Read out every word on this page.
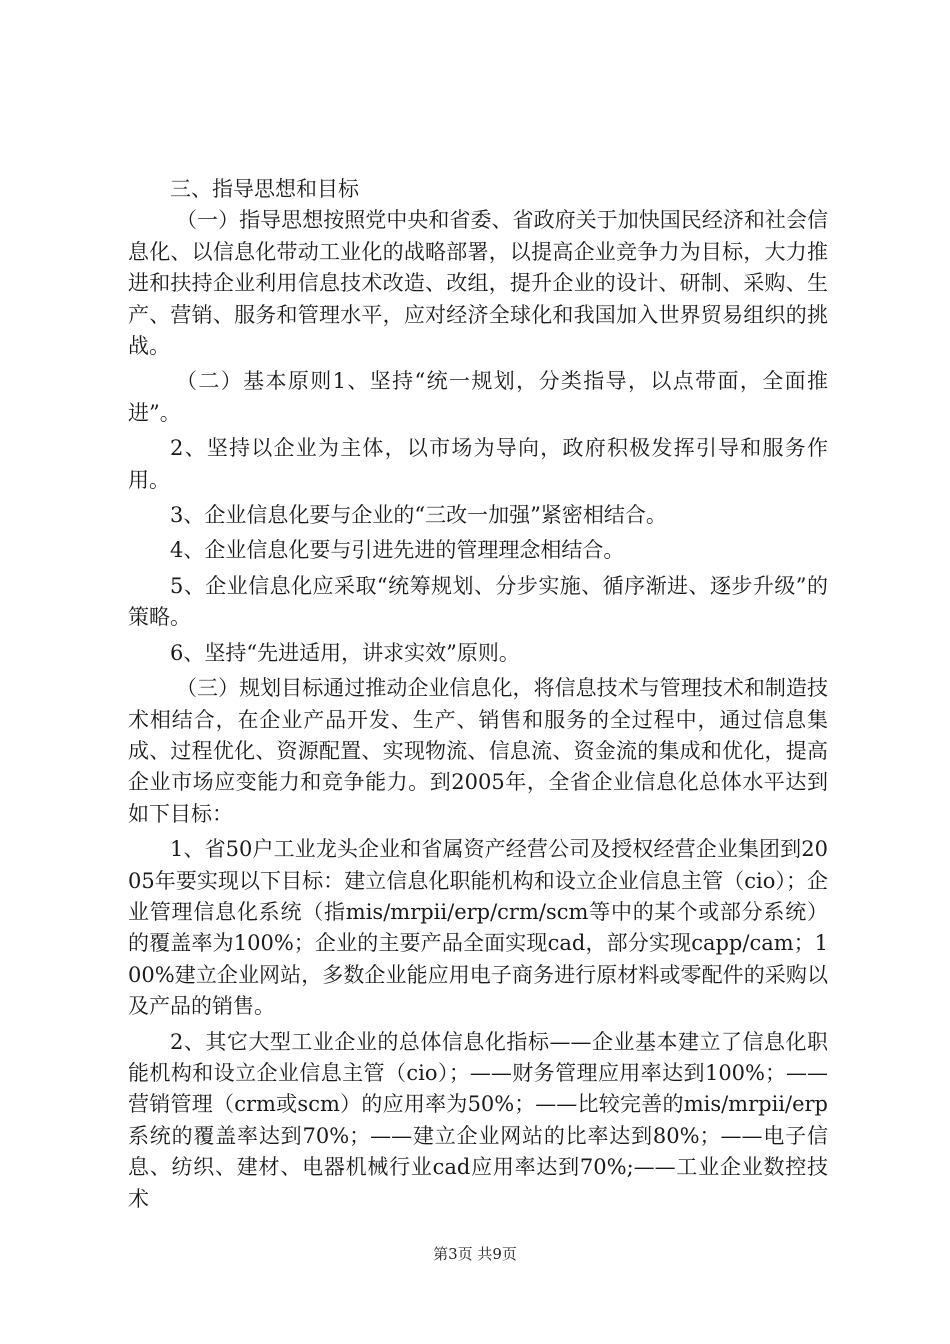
三、指导思想和目标

（一）指导思想按照党中央和省委、省政府关于加快国民经济和社会信息化、以信息化带动工业化的战略部署，以提高企业竞争力为目标，大力推进和扶持企业利用信息技术改造、改组，提升企业的设计、研制、采购、生产、营销、服务和管理水平，应对经济全球化和我国加入世界贸易组织的挑战。

（二）基本原则1、坚持“统一规划，分类指导，以点带面，全面推进”。

2、坚持以企业为主体，以市场为导向，政府积极发挥引导和服务作用。

3、企业信息化要与企业的“三改一加强”紧密相结合。

4、企业信息化要与引进先进的管理理念相结合。

5、企业信息化应采取“统筹规划、分步实施、循序渐进、逐步升级”的策略。

6、坚持“先进适用，讲求实效”原则。

（三）规划目标通过推动企业信息化，将信息技术与管理技术和制造技术相结合，在企业产品开发、生产、销售和服务的全过程中，通过信息集成、过程优化、资源配置、实现物流、信息流、资金流的集成和优化，提高企业市场应变能力和竞争能力。到2005年，全省企业信息化总体水平达到如下目标：

1、省50户工业龙头企业和省属资产经营公司及授权经营企业集团到2005年要实现以下目标：建立信息化职能机构和设立企业信息主管（cio）；企业管理信息化系统（指mis/mrpii/erp/crm/scm等中的某个或部分系统）的覆盖率为100%；企业的主要产品全面实现cad，部分实现capp/cam；100%建立企业网站，多数企业能应用电子商务进行原材料或零配件的采购以及产品的销售。

2、其它大型工业企业的总体信息化指标——企业基本建立了信息化职能机构和设立企业信息主管（cio）；——财务管理应用率达到100%；——营销管理（crm或scm）的应用率为50%；——比较完善的mis/mrpii/erp系统的覆盖率达到70%；——建立企业网站的比率达到80%；——电子信息、纺织、建材、电器机械行业cad应用率达到70%;——工业企业数控技术

第3页 共9页
